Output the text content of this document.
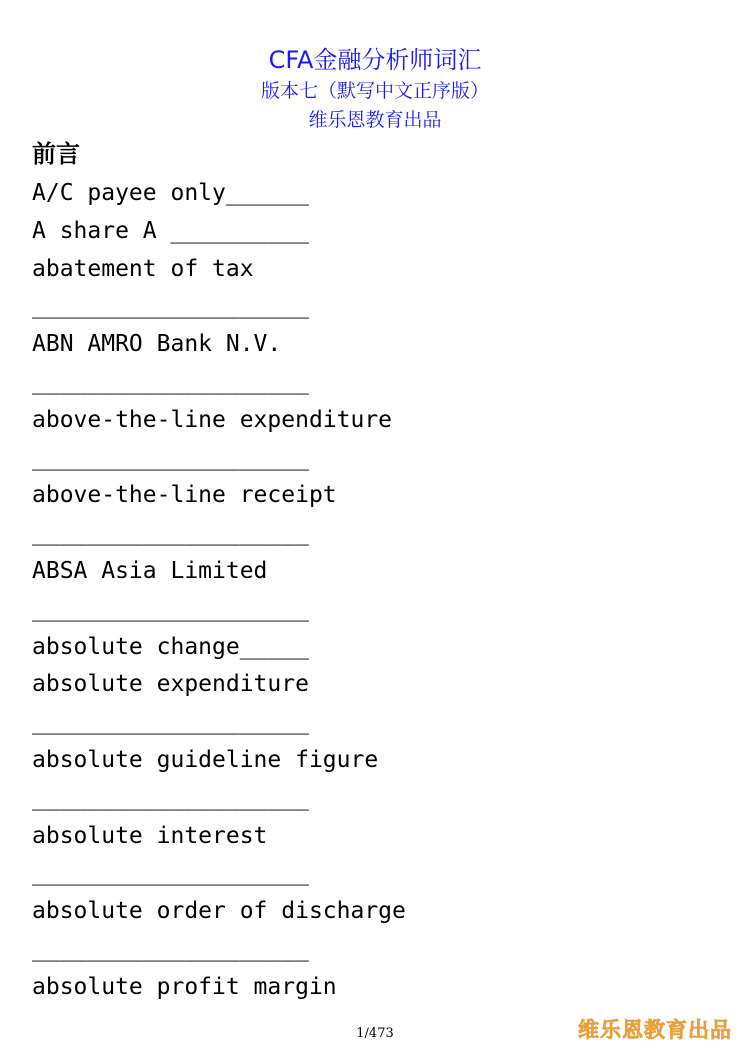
CFA金融分析师词汇
版本七（默写中文正序版）
维乐恩教育出品
前言
A/C payee only______
A share A __________
abatement of tax
____________________
ABN AMRO Bank N.V.
____________________
above-the-line expenditure
____________________
above-the-line receipt
____________________
ABSA Asia Limited
____________________
absolute change_____
absolute expenditure
____________________
absolute guideline figure
____________________
absolute interest
____________________
absolute order of discharge
____________________
absolute profit margin
1/473	维乐恩教育出品
